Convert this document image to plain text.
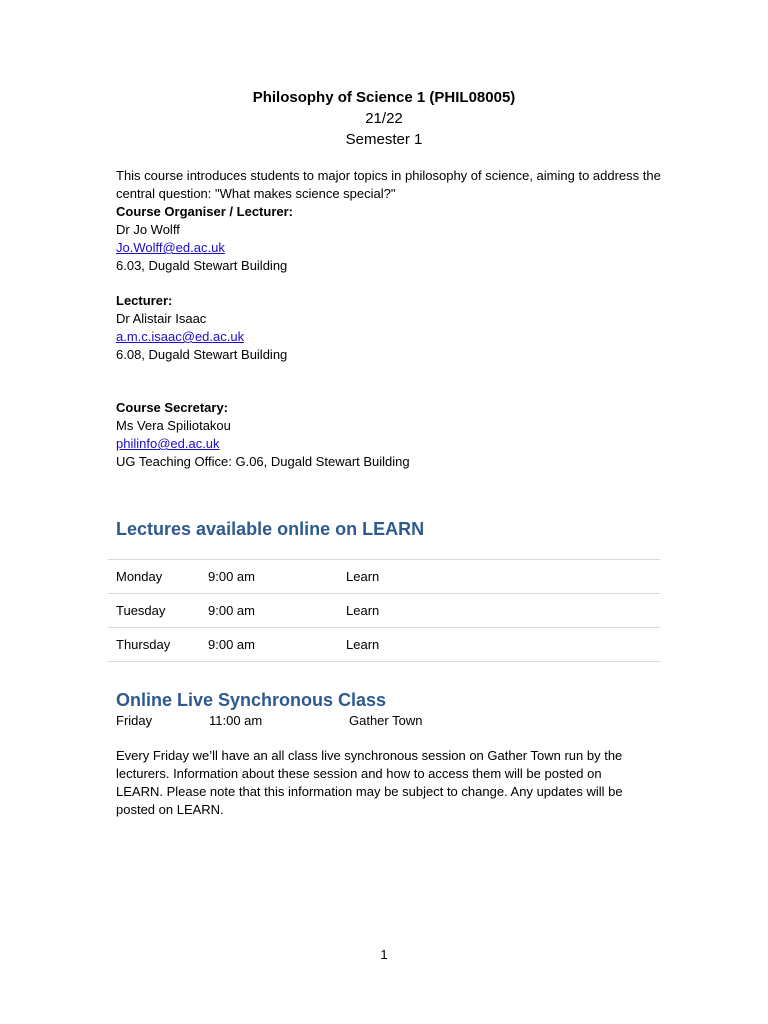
Philosophy of Science 1 (PHIL08005)
21/22
Semester 1

This course introduces students to major topics in philosophy of science, aiming to address the central question: "What makes science special?"

Course Organiser / Lecturer:

Dr Jo Wolff

Jo.Wolff@ed.ac.uk

6.03, Dugald Stewart Building

Lecturer:

Dr Alistair Isaac

a.m.c.isaac@ed.ac.uk

6.08, Dugald Stewart Building

Course Secretary:

Ms Vera Spiliotakou

philinfo@ed.ac.uk

UG Teaching Office: G.06, Dugald Stewart Building

Lectures available online on LEARN
Monday	9:00 am	Learn
Tuesday	9:00 am	Learn
Thursday	9:00 am	Learn
Online Live Synchronous Class
Friday	11:00 am	Gather Town

Every Friday we’ll have an all class live synchronous session on Gather Town run by the lecturers. Information about these session and how to access them will be posted on LEARN. Please note that this information may be subject to change. Any updates will be posted on LEARN.

1
